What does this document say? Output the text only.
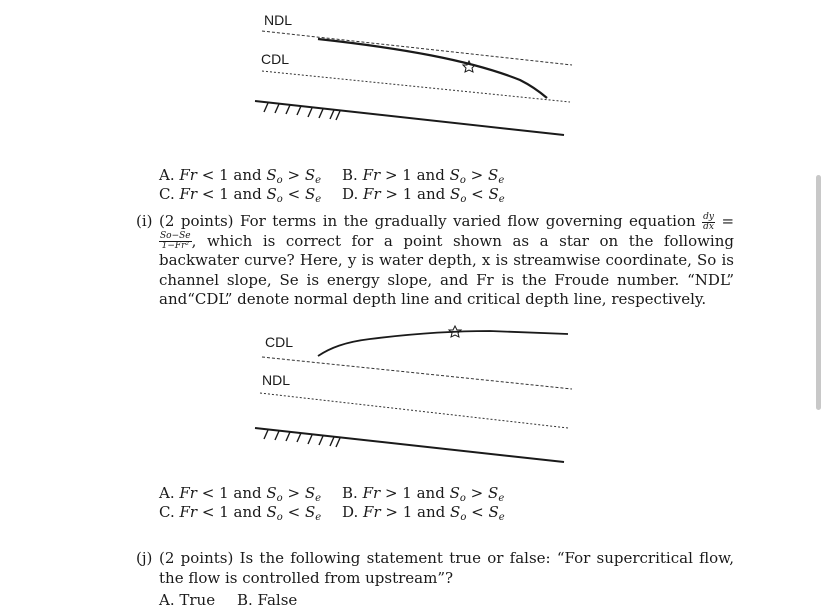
NDL
CDL
A. Fr < 1 and $S_o > S_e$ B. Fr > 1 and $S_o > S_e$
C. Fr < 1 and $S_o < S_e$ D. Fr > 1 and $S_o < S_e$
(i) (2 points) For terms in the gradually varied flow governing equation $\frac{dy}{dx}$ =
$\frac{So-Se}{\text{1−Fr²}}$ , which is correct for a point shown as a star on the following backwater curve? Here, y is water depth, x is streamwise coordinate, So is channel slope, Se is energy slope, and Fr is the Froude number. “NDL” and“CDL” denote normal depth line and critical depth line, respectively.
CDL
NDL
A. Fr < 1 and $S_o > S_e$ B. Fr > 1 and $S_o > S_e$
C. Fr < 1 and $S_o < S_e$ D. Fr > 1 and $S_o < S_e$
(j) (2 points) Is the following statement true or false: “For supercritical flow, the flow is controlled from upstream”?
A. True B. False
